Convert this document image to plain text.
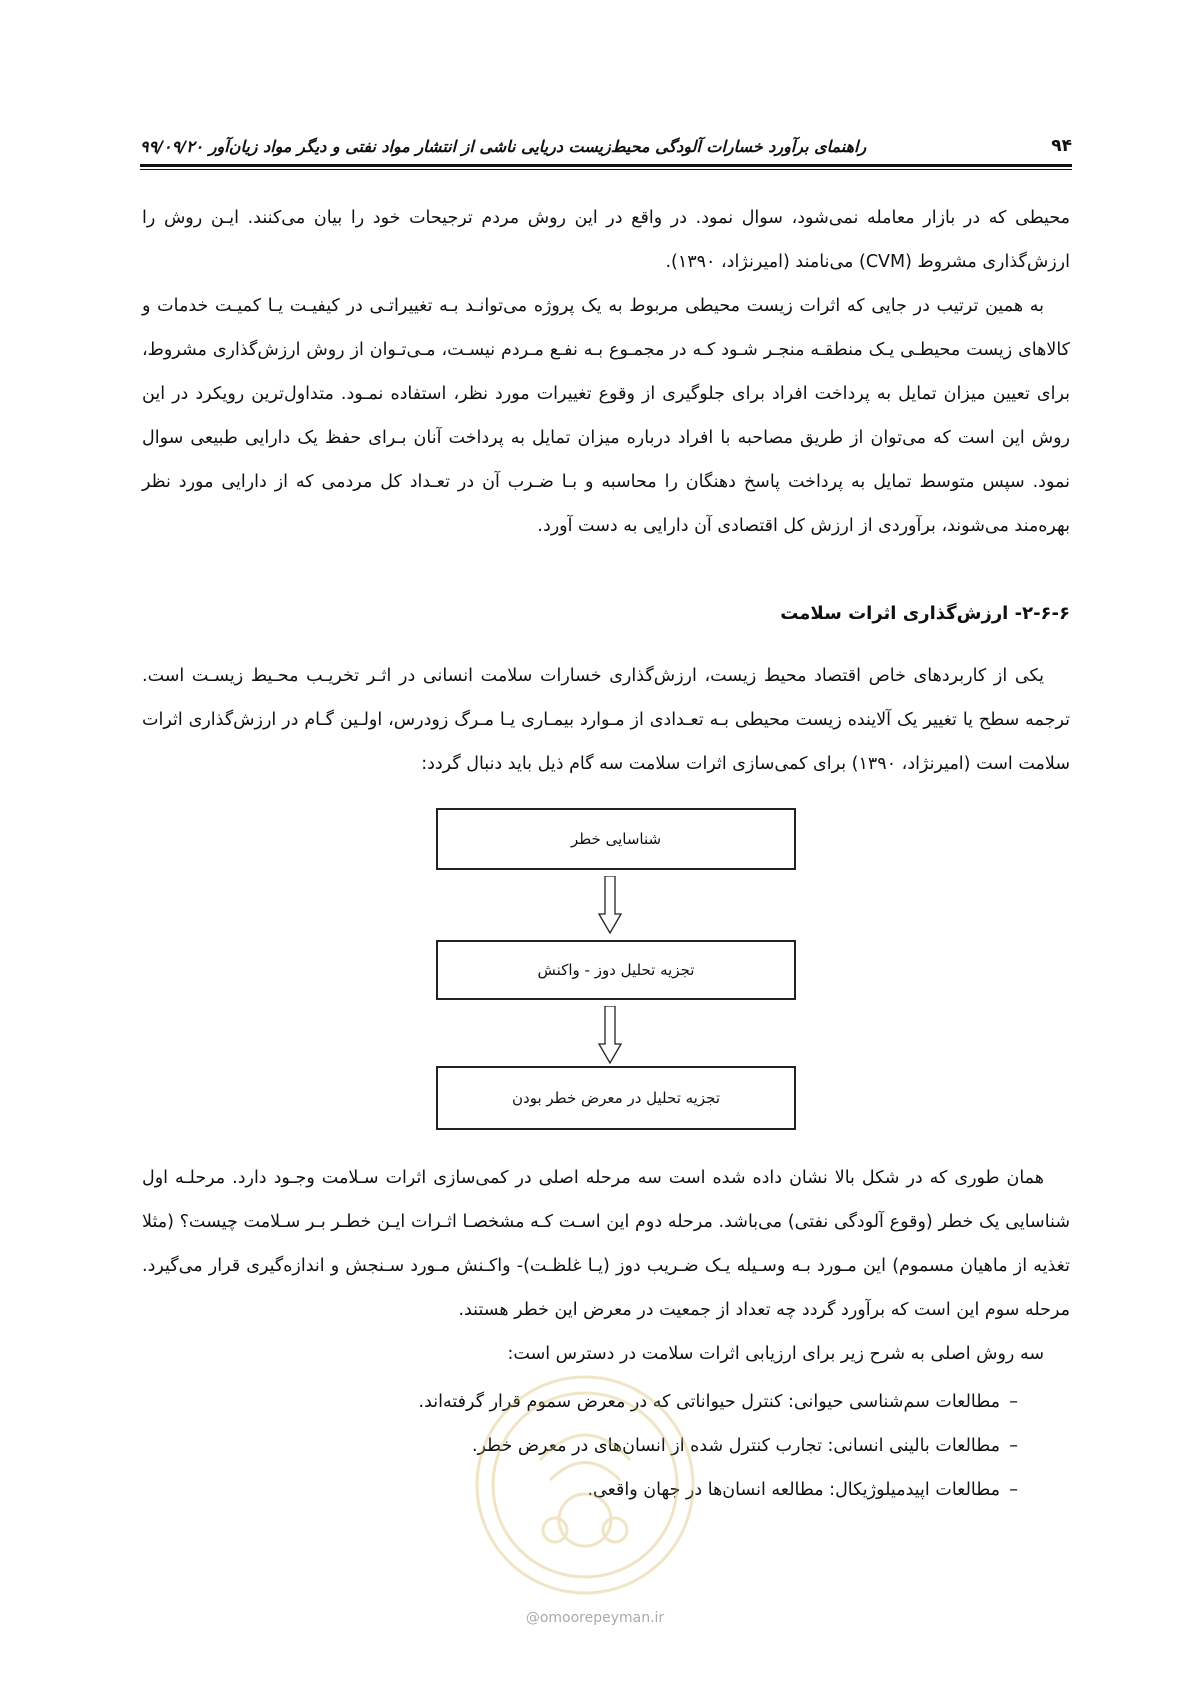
۹۴
راهنمای برآورد خسارات آلودگی محیط‌زیست دریایی ناشی از انتشار مواد نفتی و دیگر مواد زیان‌آور ۹۹/۰۹/۲۰

محیطی که در بازار معامله نمی‌شود، سوال نمود. در واقع در این روش مردم ترجیحات خود را بیان می‌کنند. ایـن روش را ارزش‌گذاری مشروط (CVM) می‌نامند (امیرنژاد، ۱۳۹۰).

به همین ترتیب در جایی که اثرات زیست محیطی مربوط به یک پروژه می‌توانـد بـه تغییراتـی در کیفیـت یـا کمیـت خدمات و کالاهای زیست محیطـی یـک منطقـه منجـر شـود کـه در مجمـوع بـه نفـع مـردم نیسـت، مـی‌تـوان از روش ارزش‌گذاری مشروط، برای تعیین میزان تمایل به پرداخت افراد برای جلوگیری از وقوع تغییرات مورد نظر، استفاده نمـود. متداول‌ترین رویکرد در این روش این است که می‌توان از طریق مصاحبه با افراد درباره میزان تمایل به پرداخت آنان بـرای حفظ یک دارایی طبیعی سوال نمود. سپس متوسط تمایل به پرداخت پاسخ دهنگان را محاسبه و بـا ضـرب آن در تعـداد کل مردمی که از دارایی مورد نظر بهره‌مند می‌شوند، برآوردی از ارزش کل اقتصادی آن دارایی به دست آورد.

۲-۶-۶- ارزش‌گذاری اثرات سلامت

یکی از کاربردهای خاص اقتصاد محیط زیست، ارزش‌گذاری خسارات سلامت انسانی در اثـر تخریـب محـیط زیسـت است. ترجمه سطح یا تغییر یک آلاینده زیست محیطی بـه تعـدادی از مـوارد بیمـاری یـا مـرگ زودرس، اولـین گـام در ارزش‌گذاری اثرات سلامت است (امیرنژاد، ۱۳۹۰) برای کمی‌سازی اثرات سلامت سه گام ذیل باید دنبال گردد:

شناسایی خطر
تجزیه تحلیل دوز - واکنش
تجزیه تحلیل در معرض خطر بودن

همان طوری که در شکل بالا نشان داده شده است سه مرحله اصلی در کمی‌سازی اثرات سـلامت وجـود دارد. مرحلـه اول شناسایی یک خطر (وقوع آلودگی نفتی) می‌باشد. مرحله دوم این اسـت کـه مشخصـا اثـرات ایـن خطـر بـر سـلامت چیست؟ (مثلا تغذیه از ماهیان مسموم) این مـورد بـه وسـیله یـک ضـریب دوز (یـا غلظـت)- واکـنش مـورد سـنجش و اندازه‌گیری قرار می‌گیرد. مرحله سوم این است که برآورد گردد چه تعداد از جمعیت در معرض این خطر هستند.

سه روش اصلی به شرح زیر برای ارزیابی اثرات سلامت در دسترس است:

–
مطالعات سم‌شناسی حیوانی: کنترل حیواناتی که در معرض سموم قرار گرفته‌اند.
–
مطالعات بالینی انسانی: تجارب کنترل شده از انسان‌های در معرض خطر.
–
مطالعات اپیدمیلوژیکال: مطالعه انسان‌ها در جهان واقعی.
@omoorepeyman.ir
